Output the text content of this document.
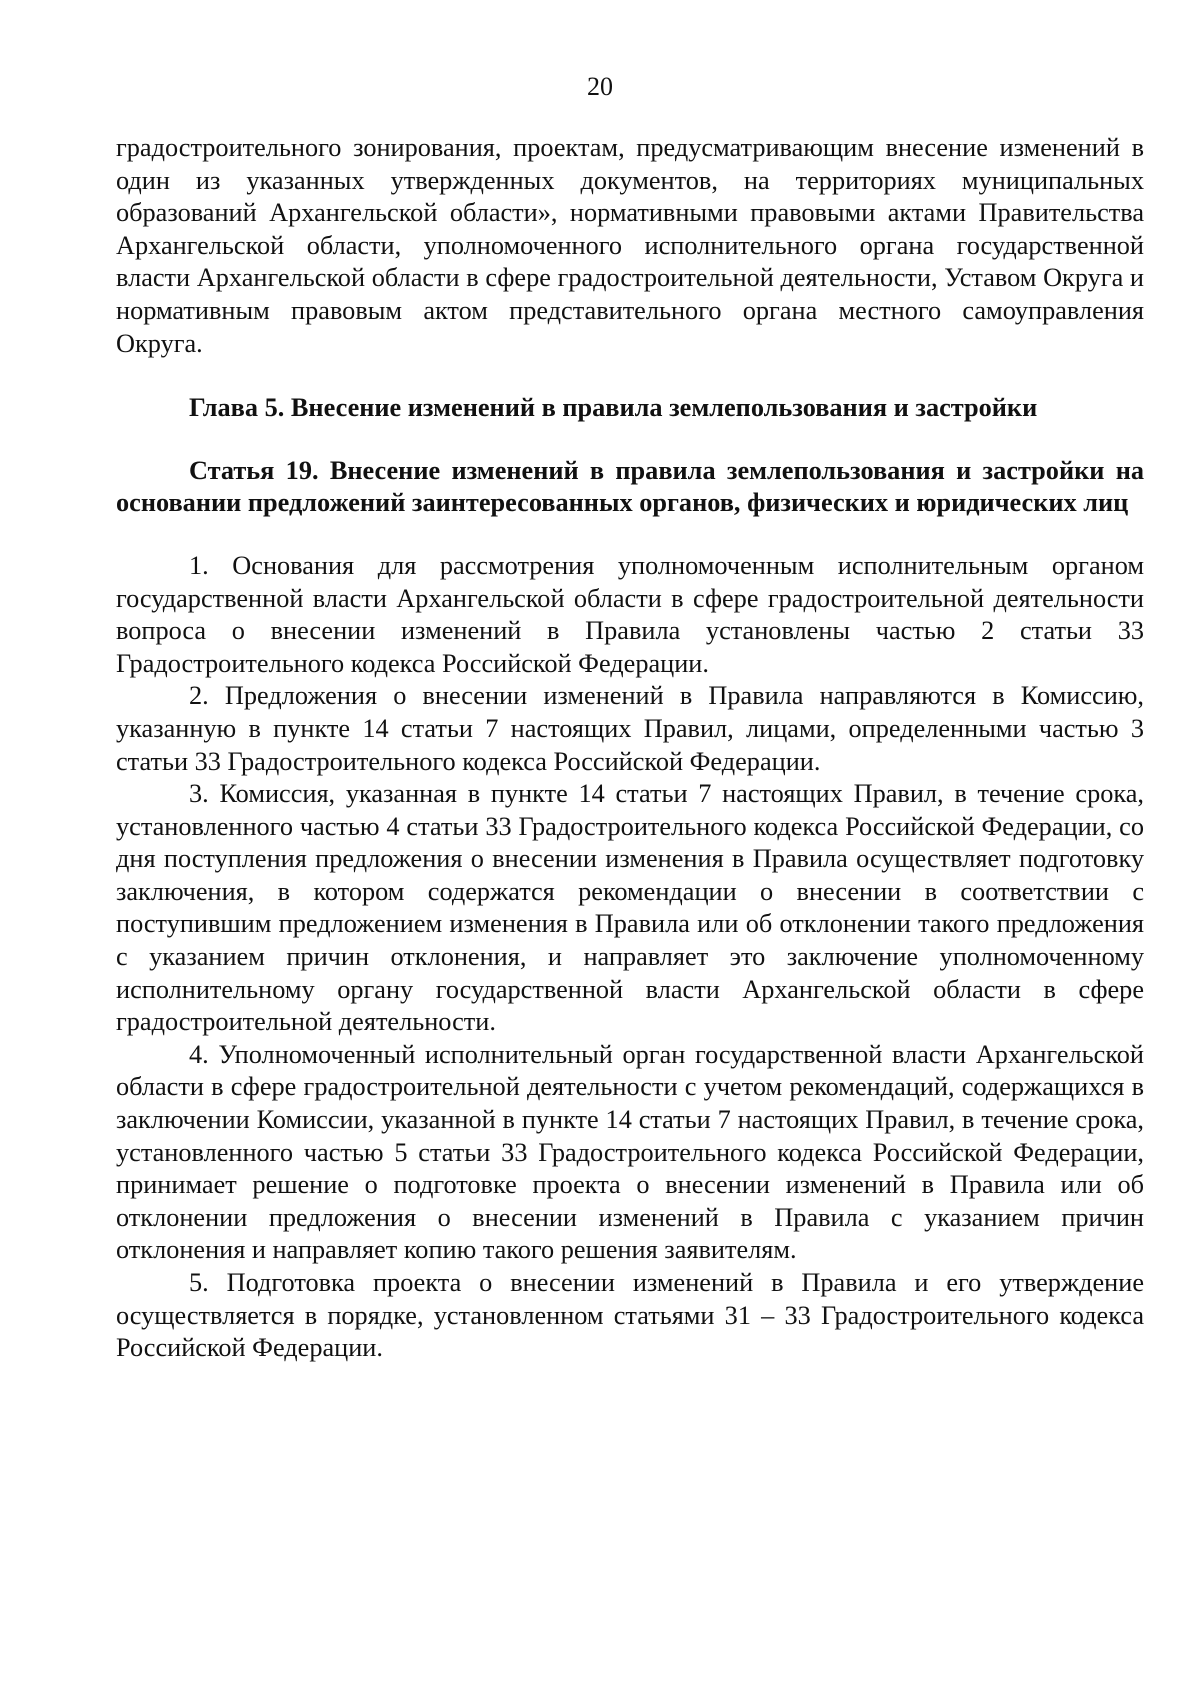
20

градостроительного зонирования, проектам, предусматривающим внесение изменений в один из указанных утвержденных документов, на территориях муниципальных образований Архангельской области», нормативными правовыми актами Правительства Архангельской области, уполномоченного исполнительного органа государственной власти Архангельской области в сфере градостроительной деятельности, Уставом Округа и нормативным правовым актом представительного органа местного самоуправления Округа.

Глава 5. Внесение изменений в правила землепользования и застройки

Статья 19. Внесение изменений в правила землепользования и застройки на основании предложений заинтересованных органов, физических и юридических лиц

1. Основания для рассмотрения уполномоченным исполнительным органом государственной власти Архангельской области в сфере градостроительной деятельности вопроса о внесении изменений в Правила установлены частью 2 статьи 33 Градостроительного кодекса Российской Федерации.

2. Предложения о внесении изменений в Правила направляются в Комиссию, указанную в пункте 14 статьи 7 настоящих Правил, лицами, определенными частью 3 статьи 33 Градостроительного кодекса Российской Федерации.

3. Комиссия, указанная в пункте 14 статьи 7 настоящих Правил, в течение срока, установленного частью 4 статьи 33 Градостроительного кодекса Российской Федерации, со дня поступления предложения о внесении изменения в Правила осуществляет подготовку заключения, в котором содержатся рекомендации о внесении в соответствии с поступившим предложением изменения в Правила или об отклонении такого предложения с указанием причин отклонения, и направляет это заключение уполномоченному исполнительному органу государственной власти Архангельской области в сфере градостроительной деятельности.

4. Уполномоченный исполнительный орган государственной власти Архангельской области в сфере градостроительной деятельности с учетом рекомендаций, содержащихся в заключении Комиссии, указанной в пункте 14 статьи 7 настоящих Правил, в течение срока, установленного частью 5 статьи 33 Градостроительного кодекса Российской Федерации, принимает решение о подготовке проекта о внесении изменений в Правила или об отклонении предложения о внесении изменений в Правила с указанием причин отклонения и направляет копию такого решения заявителям.

5. Подготовка проекта о внесении изменений в Правила и его утверждение осуществляется в порядке, установленном статьями 31 – 33 Градостроительного кодекса Российской Федерации.
